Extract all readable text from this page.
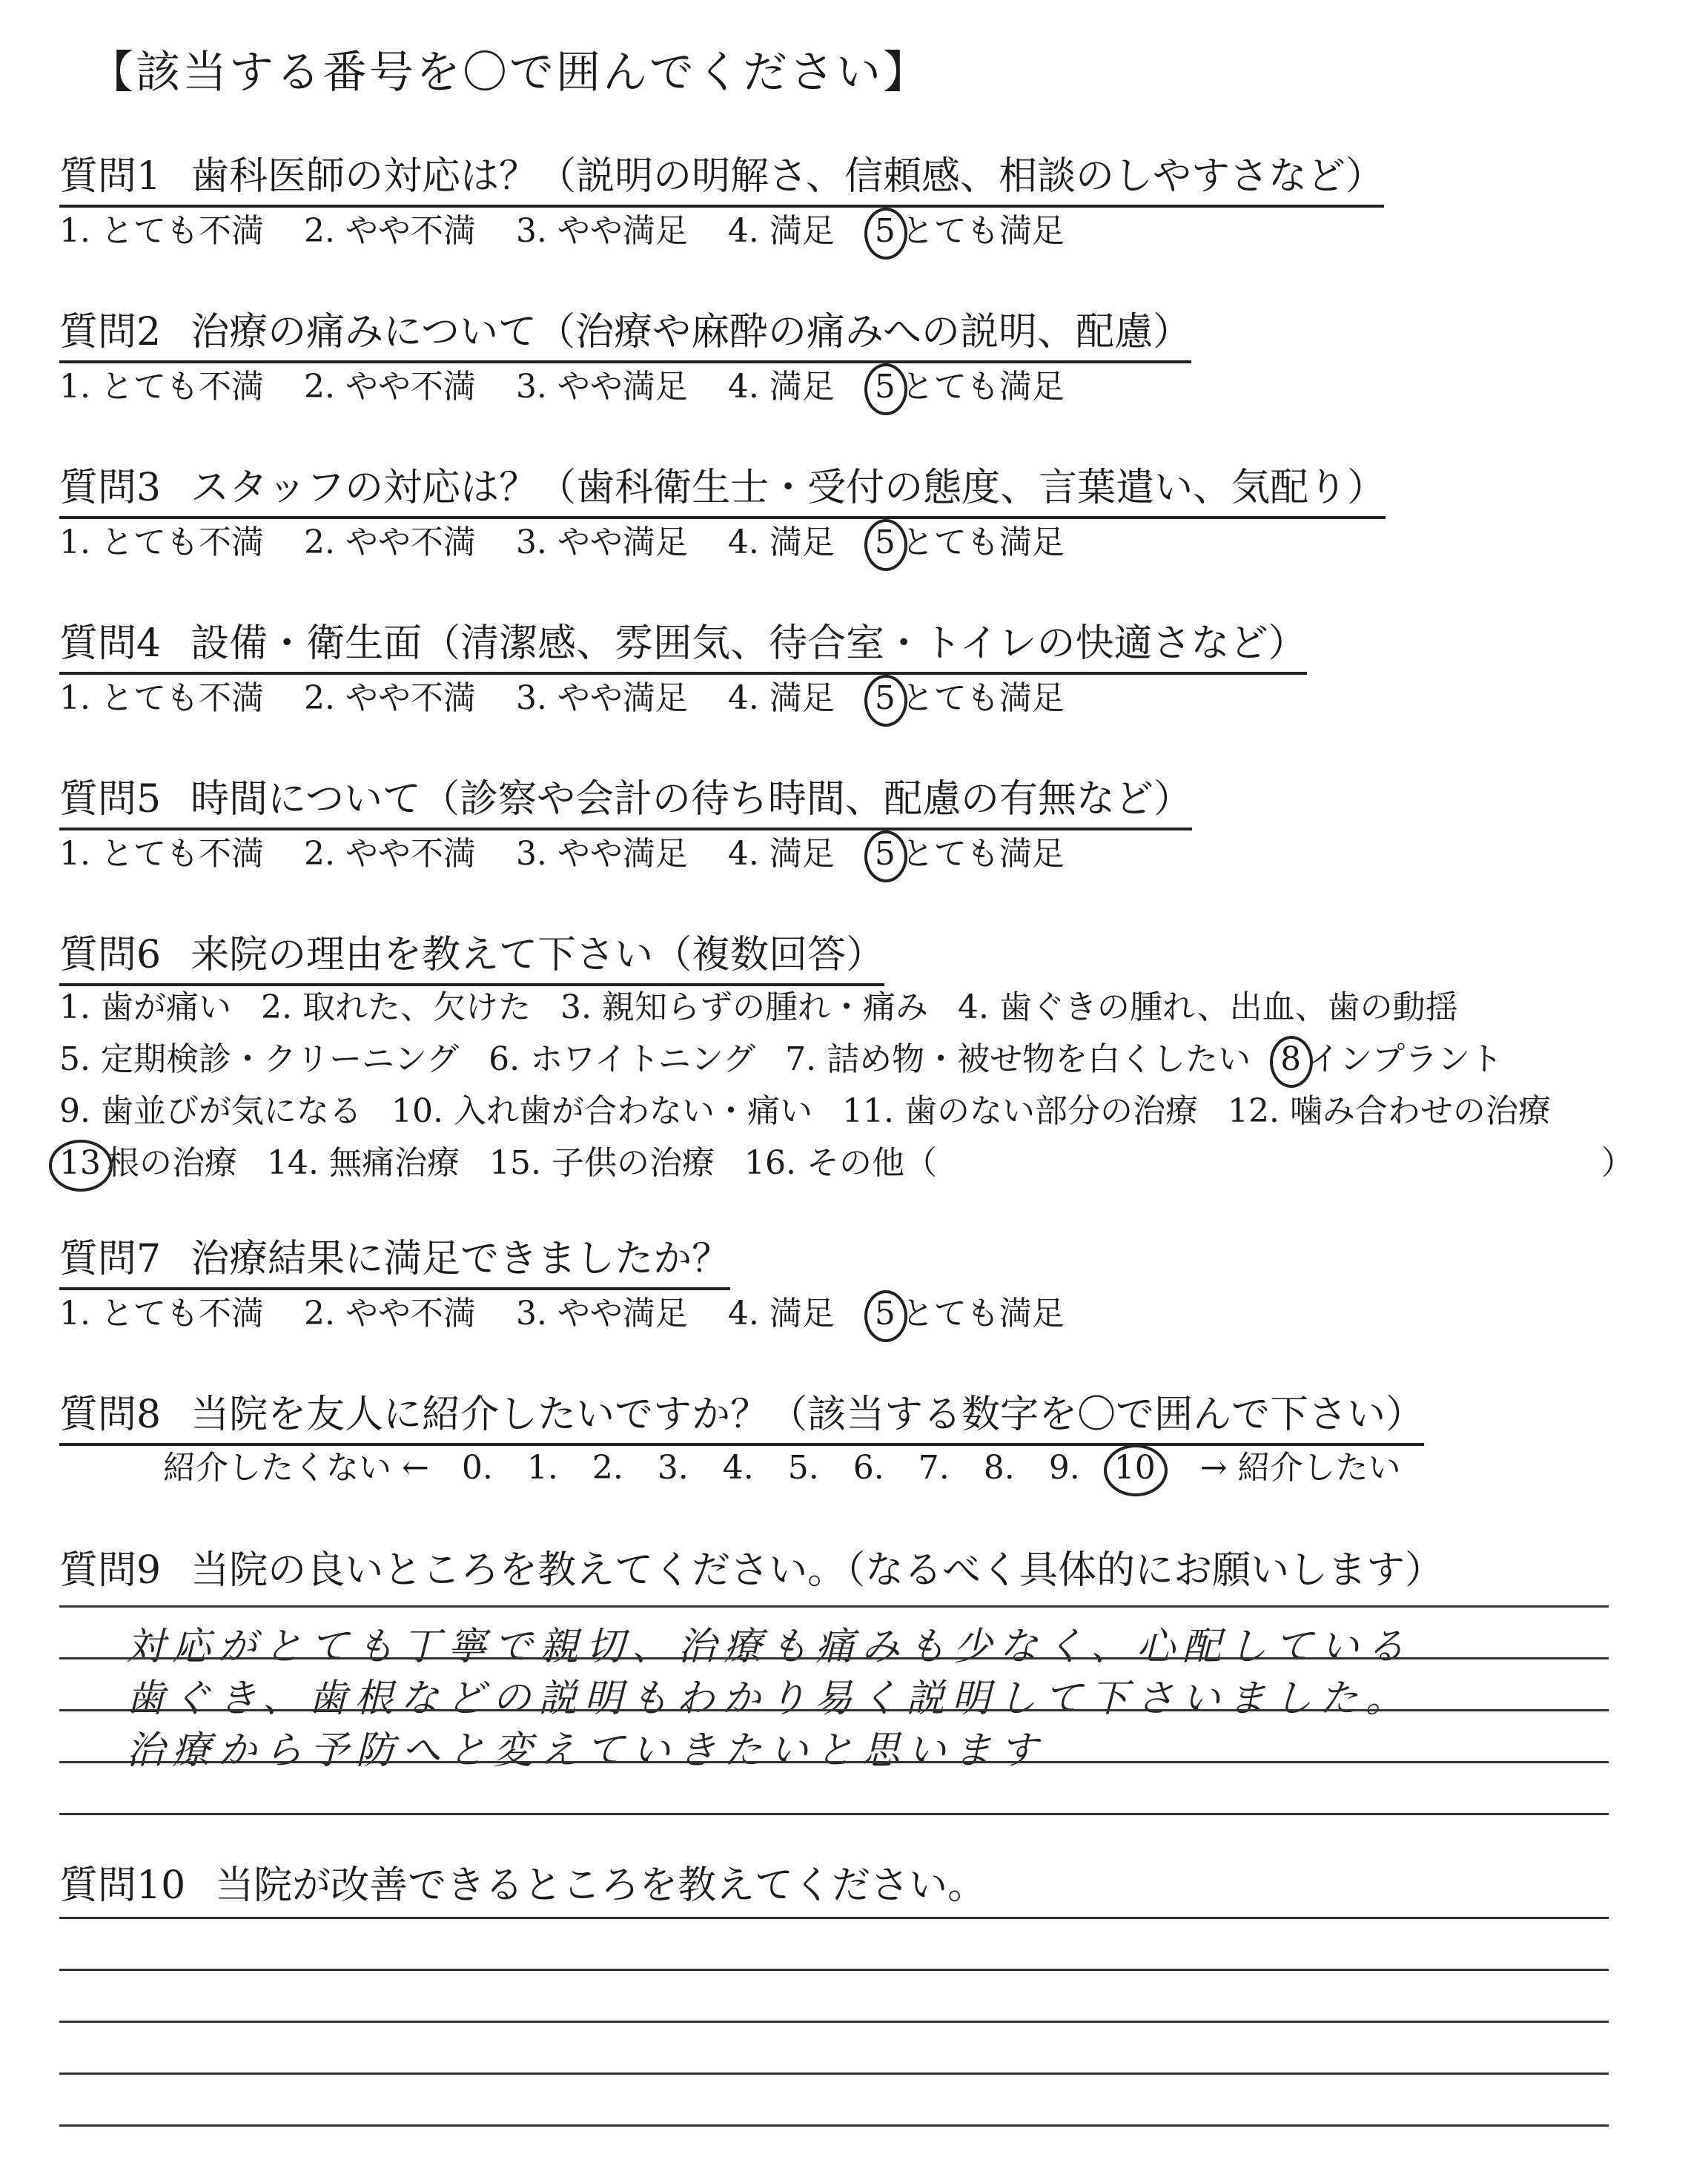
【該当する番号を〇で囲んでください】
質問1 歯科医師の対応は？（説明の明解さ、信頼感、相談のしやすさなど）
1. とても不満 2. やや不満 3. やや満足 4. 満足 5 とても満足
質問2 治療の痛みについて（治療や麻酔の痛みへの説明、配慮）
1. とても不満 2. やや不満 3. やや満足 4. 満足 5 とても満足
質問3 スタッフの対応は？（歯科衛生士・受付の態度、言葉遣い、気配り）
1. とても不満 2. やや不満 3. やや満足 4. 満足 5 とても満足
質問4 設備・衛生面（清潔感、雰囲気、待合室・トイレの快適さなど）
1. とても不満 2. やや不満 3. やや満足 4. 満足 5 とても満足
質問5 時間について（診察や会計の待ち時間、配慮の有無など）
1. とても不満 2. やや不満 3. やや満足 4. 満足 5 とても満足
質問6 来院の理由を教えて下さい（複数回答）
1. 歯が痛い 2. 取れた、欠けた 3. 親知らずの腫れ・痛み 4. 歯ぐきの腫れ、出血、歯の動揺
5. 定期検診・クリーニング 6. ホワイトニング 7. 詰め物・被せ物を白くしたい 8 インプラント
9. 歯並びが気になる 10. 入れ歯が合わない・痛い 11. 歯のない部分の治療 12. 噛み合わせの治療
13 根の治療 14. 無痛治療 15. 子供の治療 16. その他（	）
質問7 治療結果に満足できましたか？
1. とても不満 2. やや不満 3. やや満足 4. 満足 5 とても満足
質問8 当院を友人に紹介したいですか？（該当する数字を〇で囲んで下さい）
紹介したくない ← 0. 1. 2. 3. 4. 5. 6. 7. 8. 9. 10 → 紹介したい
質問9 当院の良いところを教えてください。（なるべく具体的にお願いします）
対応がとても丁寧で親切、治療も痛みも少なく、心配している
歯ぐき、歯根などの説明もわかり易く説明して下さいました。
治療から予防へと変えていきたいと思います
質問10 当院が改善できるところを教えてください。
